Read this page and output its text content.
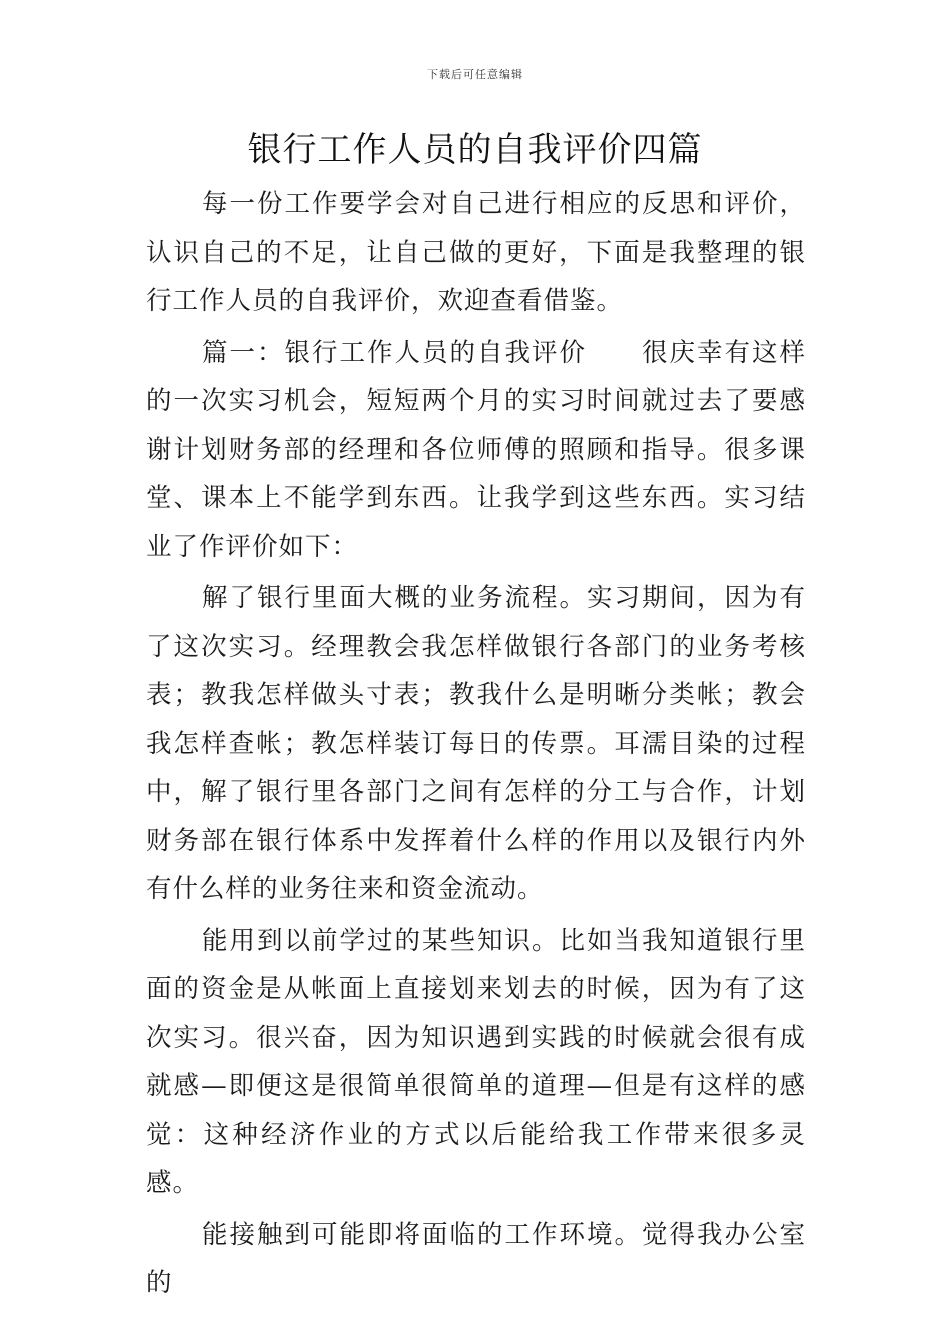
下载后可任意编辑
银行工作人员的自我评价四篇

每一份工作要学会对自己进行相应的反思和评价，认识自己的不足，让自己做的更好，下面是我整理的银行工作人员的自我评价，欢迎查看借鉴。

篇一：银行工作人员的自我评价　　很庆幸有这样的一次实习机会，短短两个月的实习时间就过去了要感谢计划财务部的经理和各位师傅的照顾和指导。很多课堂、课本上不能学到东西。让我学到这些东西。实习结业了作评价如下：

解了银行里面大概的业务流程。实习期间，因为有了这次实习。经理教会我怎样做银行各部门的业务考核表；教我怎样做头寸表；教我什么是明晰分类帐；教会我怎样查帐；教怎样装订每日的传票。耳濡目染的过程中，解了银行里各部门之间有怎样的分工与合作，计划财务部在银行体系中发挥着什么样的作用以及银行内外有什么样的业务往来和资金流动。

能用到以前学过的某些知识。比如当我知道银行里面的资金是从帐面上直接划来划去的时候，因为有了这次实习。很兴奋，因为知识遇到实践的时候就会很有成就感—即便这是很简单很简单的道理—但是有这样的感觉：这种经济作业的方式以后能给我工作带来很多灵感。

能接触到可能即将面临的工作环境。觉得我办公室的
